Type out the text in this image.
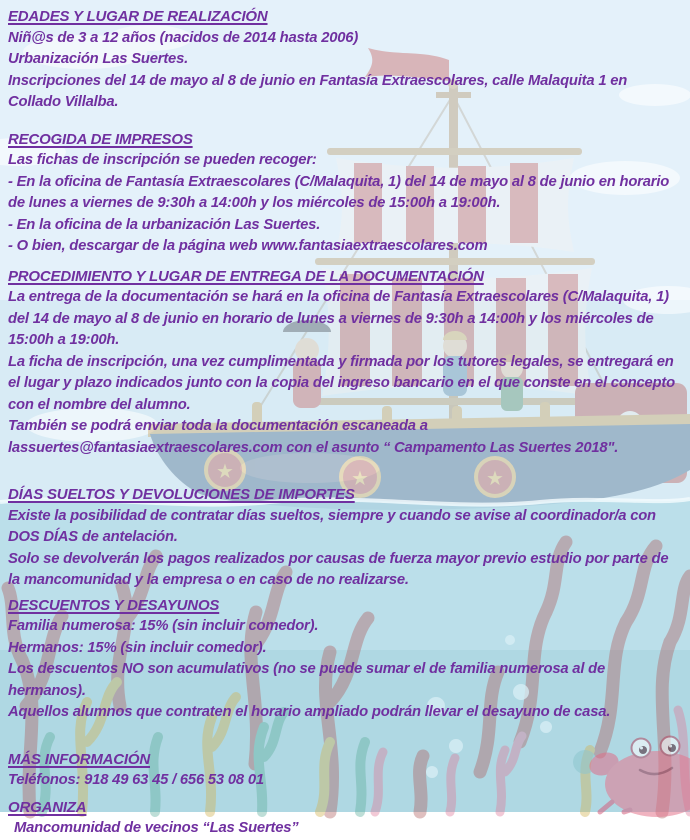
★	★	★
EDADES Y LUGAR DE REALIZACIÓN

Niñ@s de 3 a 12 años (nacidos de 2014 hasta 2006)

Urbanización Las Suertes.

Inscripciones del 14 de mayo al 8 de junio en Fantasía Extraescolares, calle Malaquita 1 en Collado Villalba.

RECOGIDA DE IMPRESOS

Las fichas de inscripción se pueden recoger:

- En la oficina de Fantasía Extraescolares (C/Malaquita, 1) del 14 de mayo al 8 de junio en horario de lunes a viernes de 9:30h a 14:00h y los miércoles de 15:00h a 19:00h.

- En la oficina de la urbanización Las Suertes.

- O bien, descargar de la página web www.fantasiaextraescolares.com

PROCEDIMIENTO Y LUGAR DE ENTREGA DE LA DOCUMENTACIÓN

La entrega de la documentación se hará en la oficina de Fantasía Extraescolares (C/Malaquita, 1) del 14 de mayo al 8 de junio en horario de lunes a viernes de 9:30h a 14:00h y los miércoles de 15:00h a 19:00h.

La ficha de inscripción, una vez cumplimentada y firmada por los tutores legales, se entregará en el lugar y plazo indicados junto con la copia del ingreso bancario en el que conste en el concepto con el nombre del alumno.

También se podrá enviar toda la documentación escaneada a lassuertes@fantasiaextraescolares.com con el asunto “ Campamento Las Suertes 2018".

DÍAS SUELTOS Y DEVOLUCIONES DE IMPORTES

Existe la posibilidad de contratar días sueltos, siempre y cuando se avise al coordinador/a con DOS DÍAS de antelación.

Solo se devolverán los pagos realizados por causas de fuerza mayor previo estudio por parte de la mancomunidad y la empresa o en caso de no realizarse.

DESCUENTOS Y DESAYUNOS

Familia numerosa: 15% (sin incluir comedor).

Hermanos: 15% (sin incluir comedor).

Los descuentos NO son acumulativos (no se puede sumar el de familia numerosa al de hermanos).

Aquellos alumnos que contraten el horario ampliado podrán llevar el desayuno de casa.

MÁS INFORMACIÓN

Teléfonos: 918 49 63 45 / 656 53 08 01

ORGANIZA

Mancomunidad de vecinos “Las Suertes”
